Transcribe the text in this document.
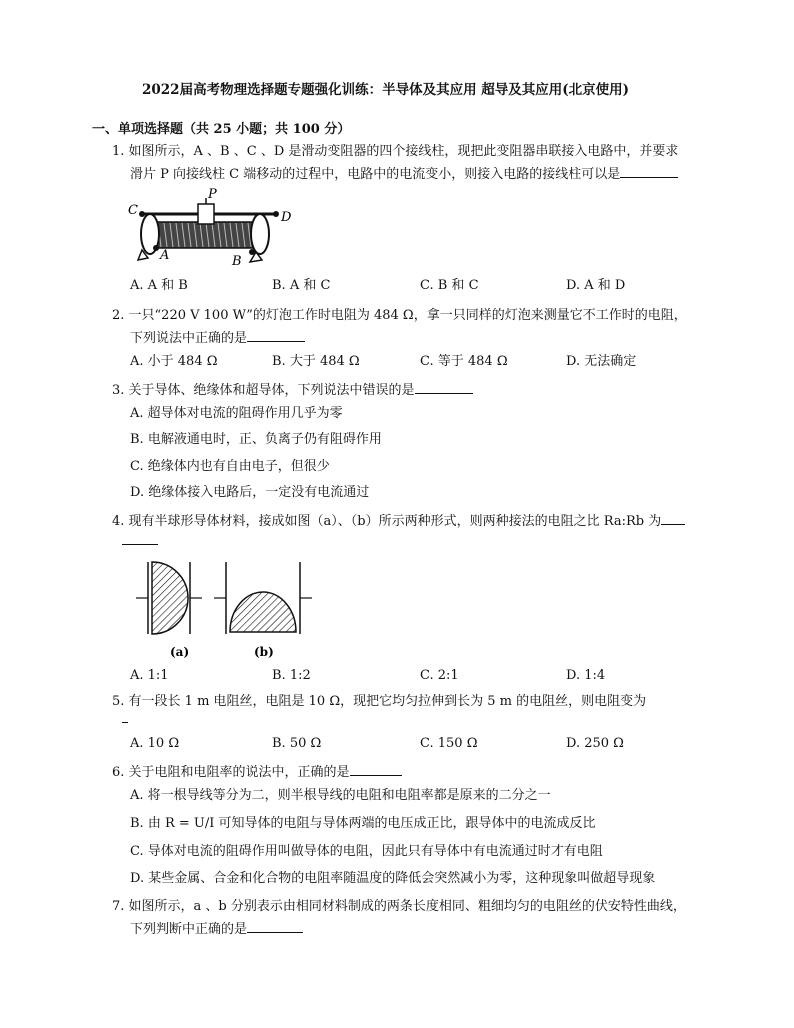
2022届高考物理选择题专题强化训练：半导体及其应用 超导及其应用(北京使用)
一、单项选择题（共 25 小题；共 100 分）
1. 如图所示，A 、B 、C 、D 是滑动变阻器的四个接线柱，现把此变阻器串联接入电路中，并要求
滑片 P 向接线柱 C 端移动的过程中，电路中的电流变小，则接入电路的接线柱可以是
C
P
D
A	B
A. A 和 B	B. A 和 C	C. B 和 C	D. A 和 D
2. 一只“220 V 100 W”的灯泡工作时电阻为 484 Ω，拿一只同样的灯泡来测量它不工作时的电阻，
下列说法中正确的是
A. 小于 484 Ω	B. 大于 484 Ω	C. 等于 484 Ω	D. 无法确定
3. 关于导体、绝缘体和超导体，下列说法中错误的是
A. 超导体对电流的阻碍作用几乎为零
B. 电解液通电时，正、负离子仍有阻碍作用
C. 绝缘体内也有自由电子，但很少
D. 绝缘体接入电路后，一定没有电流通过
4. 现有半球形导体材料，接成如图（a）、（b）所示两种形式，则两种接法的电阻之比 Ra:Rb 为
(a)	(b)
A. 1:1	B. 1:2	C. 2:1	D. 1:4
5. 有一段长 1 m 电阻丝，电阻是 10 Ω，现把它均匀拉伸到长为 5 m 的电阻丝，则电阻变为
A. 10 Ω	B. 50 Ω	C. 150 Ω	D. 250 Ω
6. 关于电阻和电阻率的说法中，正确的是
A. 将一根导线等分为二，则半根导线的电阻和电阻率都是原来的二分之一
B. 由 R = U/I 可知导体的电阻与导体两端的电压成正比，跟导体中的电流成反比
C. 导体对电流的阻碍作用叫做导体的电阻，因此只有导体中有电流通过时才有电阻
D. 某些金属、合金和化合物的电阻率随温度的降低会突然减小为零，这种现象叫做超导现象
7. 如图所示，a 、b 分别表示由相同材料制成的两条长度相同、粗细均匀的电阻丝的伏安特性曲线，
下列判断中正确的是
